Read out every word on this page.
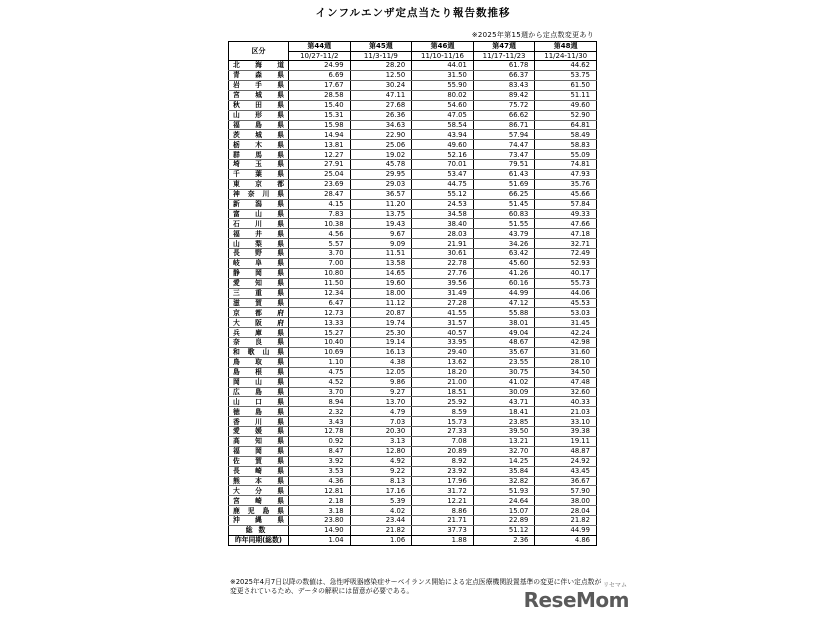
インフルエンザ定点当たり報告数推移
※2025年第15週から定点数変更あり
区分	第44週	第45週	第46週	第47週	第48週
	10/27-11/2	11/3-11/9	11/10-11/16	11/17-11/23	11/24-11/30
北海道	24.99	28.20	44.01	61.78	44.62
青森県	6.69	12.50	31.50	66.37	53.75
岩手県	17.67	30.24	55.90	83.43	61.50
宮城県	28.58	47.11	80.02	89.42	51.11
秋田県	15.40	27.68	54.60	75.72	49.60
山形県	15.31	26.36	47.05	66.62	52.90
福島県	15.98	34.63	58.54	86.71	64.81
茨城県	14.94	22.90	43.94	57.94	58.49
栃木県	13.81	25.06	49.60	74.47	58.83
群馬県	12.27	19.02	52.16	73.47	55.09
埼玉県	27.91	45.78	70.01	79.51	74.81
千葉県	25.04	29.95	53.47	61.43	47.93
東京都	23.69	29.03	44.75	51.69	35.76
神奈川県	28.47	36.57	55.12	66.25	45.66
新潟県	4.15	11.20	24.53	51.45	57.84
富山県	7.83	13.75	34.58	60.83	49.33
石川県	10.38	19.43	38.40	51.55	47.66
福井県	4.56	9.67	28.03	43.79	47.18
山梨県	5.57	9.09	21.91	34.26	32.71
長野県	3.70	11.51	30.61	63.42	72.49
岐阜県	7.00	13.58	22.78	45.60	52.93
静岡県	10.80	14.65	27.76	41.26	40.17
愛知県	11.50	19.60	39.56	60.16	55.73
三重県	12.34	18.00	31.49	44.99	44.06
滋賀県	6.47	11.12	27.28	47.12	45.53
京都府	12.73	20.87	41.55	55.88	53.03
大阪府	13.33	19.74	31.57	38.01	31.45
兵庫県	15.27	25.30	40.57	49.04	42.24
奈良県	10.40	19.14	33.95	48.67	42.98
和歌山県	10.69	16.13	29.40	35.67	31.60
鳥取県	1.10	4.38	13.62	23.55	28.10
島根県	4.75	12.05	18.20	30.75	34.50
岡山県	4.52	9.86	21.00	41.02	47.48
広島県	3.70	9.27	18.51	30.09	32.60
山口県	8.94	13.70	25.92	43.71	40.33
徳島県	2.32	4.79	8.59	18.41	21.03
香川県	3.43	7.03	15.73	23.85	33.10
愛媛県	12.78	20.30	27.33	39.50	39.38
高知県	0.92	3.13	7.08	13.21	19.11
福岡県	8.47	12.80	20.89	32.70	48.87
佐賀県	3.92	4.92	8.92	14.25	24.92
長崎県	3.53	9.22	23.92	35.84	43.45
熊本県	4.36	8.13	17.96	32.82	36.67
大分県	12.81	17.16	31.72	51.93	57.90
宮崎県	2.18	5.39	12.21	24.64	38.00
鹿児島県	3.18	4.02	8.86	15.07	28.04
沖縄県	23.80	23.44	21.71	22.89	21.82
総数	14.90	21.82	37.73	51.12	44.99
昨年同期(総数)	1.04	1.06	1.88	2.36	4.86
※2025年4月7日以降の数値は、急性呼吸器感染症サーベイランス開始による定点医療機関設置基準の変更に伴い定点数が
変更されているため、データの解釈には留意が必要である。
リセマム
ReseMom
